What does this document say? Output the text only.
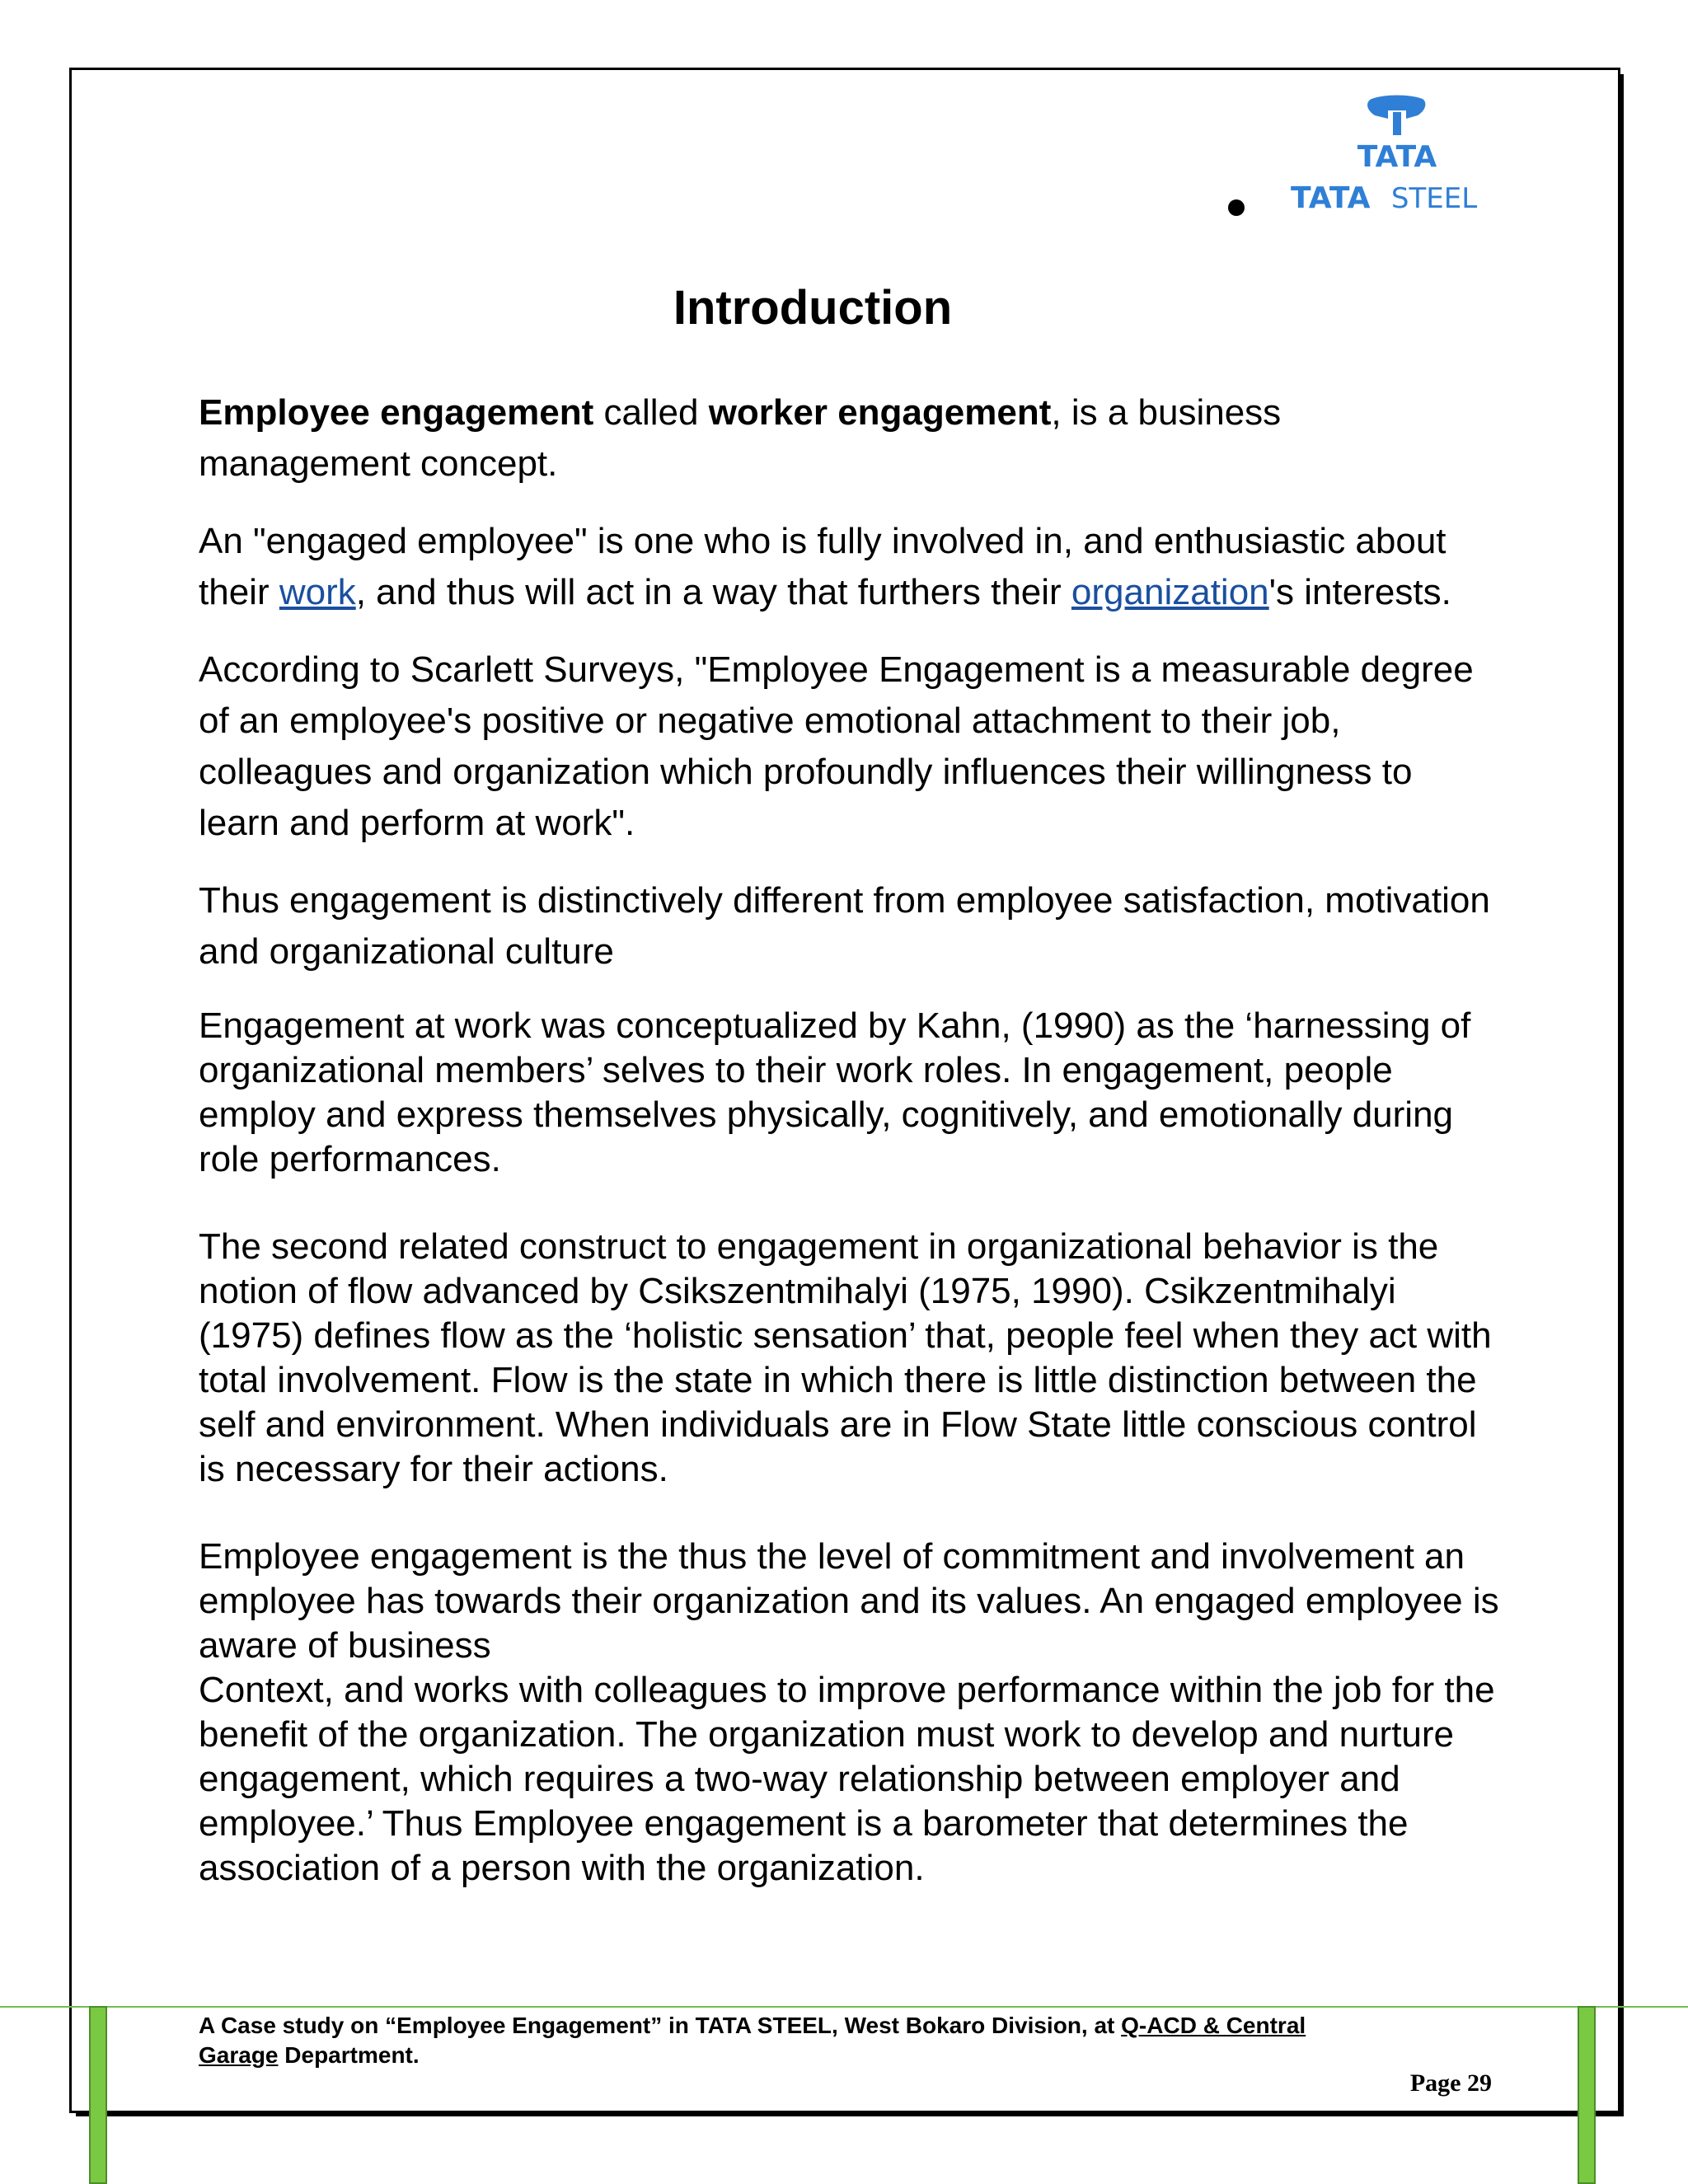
TATA
TATA STEEL
Introduction

Employee engagement called worker engagement, is a business management concept.

An "engaged employee" is one who is fully involved in, and enthusiastic about their work, and thus will act in a way that furthers their organization's interests.

According to Scarlett Surveys, "Employee Engagement is a measurable degree of an employee's positive or negative emotional attachment to their job, colleagues and organization which profoundly influences their willingness to learn and perform at work".

Thus engagement is distinctively different from employee satisfaction, motivation and organizational culture

Engagement at work was conceptualized by Kahn, (1990) as the ‘harnessing of organizational members’ selves to their work roles. In engagement, people employ and express themselves physically, cognitively, and emotionally during role performances.

The second related construct to engagement in organizational behavior is the notion of flow advanced by Csikszentmihalyi (1975, 1990). Csikzentmihalyi (1975) defines flow as the ‘holistic sensation’ that, people feel when they act with total involvement. Flow is the state in which there is little distinction between the self and environment. When individuals are in Flow State little conscious control is necessary for their actions.

Employee engagement is the thus the level of commitment and involvement an employee has towards their organization and its values. An engaged employee is aware of business
Context, and works with colleagues to improve performance within the job for the benefit of the organization. The organization must work to develop and nurture engagement, which requires a two-way relationship between employer and employee.’ Thus Employee engagement is a barometer that determines the association of a person with the organization.

A Case study on “Employee Engagement” in TATA STEEL, West Bokaro Division, at Q-ACD & Central
Garage Department.
Page 29
